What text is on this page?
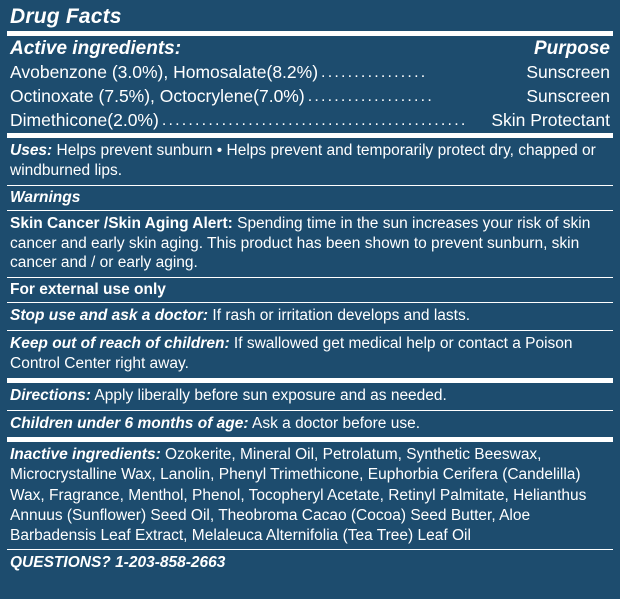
Drug Facts
Active ingredients:	Purpose
Avobenzone (3.0%), Homosalate(8.2%) ................	Sunscreen
Octinoxate (7.5%), Octocrylene(7.0%) ...................	Sunscreen
Dimethicone(2.0%) ..............................................	Skin Protectant
Uses: Helps prevent sunburn • Helps prevent and temporarily protect dry, chapped or windburned lips.
Warnings
Skin Cancer /Skin Aging Alert: Spending time in the sun increases your risk of skin cancer and early skin aging. This product has been shown to prevent sunburn, skin cancer and / or early aging.
For external use only
Stop use and ask a doctor: If rash or irritation develops and lasts.
Keep out of reach of children: If swallowed get medical help or contact a Poison Control Center right away.
Directions: Apply liberally before sun exposure and as needed.
Children under 6 months of age: Ask a doctor before use.
Inactive ingredients: Ozokerite, Mineral Oil, Petrolatum, Synthetic Beeswax, Microcrystalline Wax, Lanolin, Phenyl Trimethicone, Euphorbia Cerifera (Candelilla) Wax, Fragrance, Menthol, Phenol, Tocopheryl Acetate, Retinyl Palmitate, Helianthus Annuus (Sunflower) Seed Oil, Theobroma Cacao (Cocoa) Seed Butter, Aloe Barbadensis Leaf Extract, Melaleuca Alternifolia (Tea Tree) Leaf Oil
QUESTIONS? 1-203-858-2663
